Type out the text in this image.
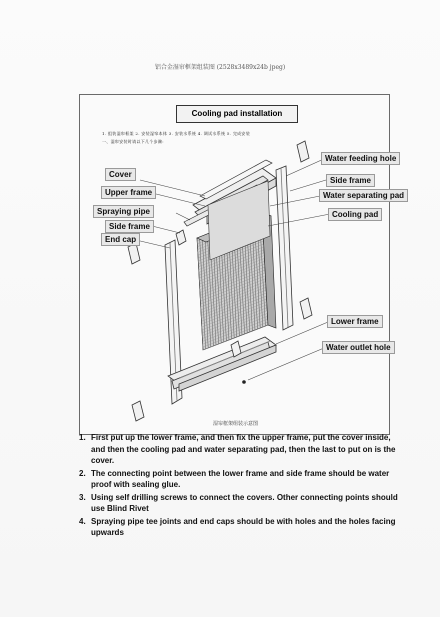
铝合金湿帘框架组装图 (2528x3489x24b jpeg)
Cooling pad installation
1. 组装湿帘框架 2. 安装湿帘本体 3. 安装水系统 4. 调试水系统 5. 完成安装
一、湿帘安装时请以下几个步骤:
湿帘框架组装示意图
Water feeding hole
Side frame
Water separating pad
Cooling pad
Cover
Upper frame
Spraying pipe
Side frame
End cap
Lower frame
Water outlet hole
1. First put up the lower frame, and then fix the upper frame, put the cover inside, and then the cooling pad and water separating pad, then the last to put on is the cover.
2. The connecting point between the lower frame and side frame should be water proof with sealing glue.
3. Using self drilling screws to connect the covers. Other connecting points should use Blind Rivet
4. Spraying pipe tee joints and end caps should be with holes and the holes facing upwards
